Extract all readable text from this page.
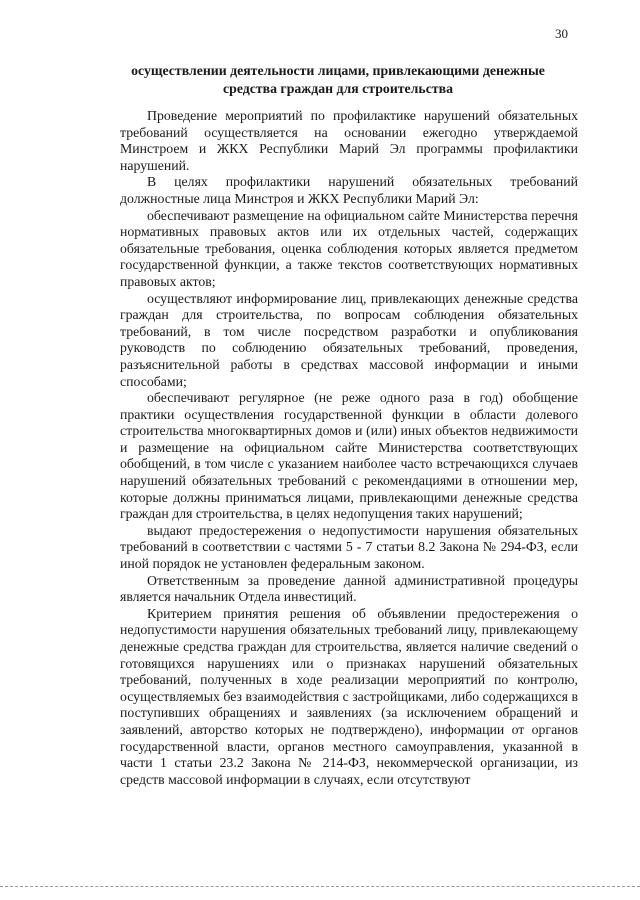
30
осуществлении деятельности лицами, привлекающими денежные
средства граждан для строительства

Проведение мероприятий по профилактике нарушений обязательных требований осуществляется на основании ежегодно утверждаемой Минстроем и ЖКХ Республики Марий Эл программы профилактики нарушений.

В целях профилактики нарушений обязательных требований должностные лица Минстроя и ЖКХ Республики Марий Эл:

обеспечивают размещение на официальном сайте Министерства перечня нормативных правовых актов или их отдельных частей, содержащих обязательные требования, оценка соблюдения которых является предметом государственной функции, а также текстов соответствующих нормативных правовых актов;

осуществляют информирование лиц, привлекающих денежные средства граждан для строительства, по вопросам соблюдения обязательных требований, в том числе посредством разработки и опубликования руководств по соблюдению обязательных требований, проведения, разъяснительной работы в средствах массовой информации и иными способами;

обеспечивают регулярное (не реже одного раза в год) обобщение практики осуществления государственной функции в области долевого строительства многоквартирных домов и (или) иных объектов недвижимости и размещение на официальном сайте Министерства соответствующих обобщений, в том числе с указанием наиболее часто встречающихся случаев нарушений обязательных требований с рекомендациями в отношении мер, которые должны приниматься лицами, привлекающими денежные средства граждан для строительства, в целях недопущения таких нарушений;

выдают предостережения о недопустимости нарушения обязательных требований в соответствии с частями 5 - 7 статьи 8.2 Закона № 294-ФЗ, если иной порядок не установлен федеральным законом.

Ответственным за проведение данной административной процедуры является начальник Отдела инвестиций.

Критерием принятия решения об объявлении предостережения о недопустимости нарушения обязательных требований лицу, привлекающему денежные средства граждан для строительства, является наличие сведений о готовящихся нарушениях или о признаках нарушений обязательных требований, полученных в ходе реализации мероприятий по контролю, осуществляемых без взаимодействия с застройщиками, либо содержащихся в поступивших обращениях и заявлениях (за исключением обращений и заявлений, авторство которых не подтверждено), информации от органов государственной власти, органов местного самоуправления, указанной в части 1 статьи 23.2 Закона № 214-ФЗ, некоммерческой организации, из средств массовой информации в случаях, если отсутствуют
